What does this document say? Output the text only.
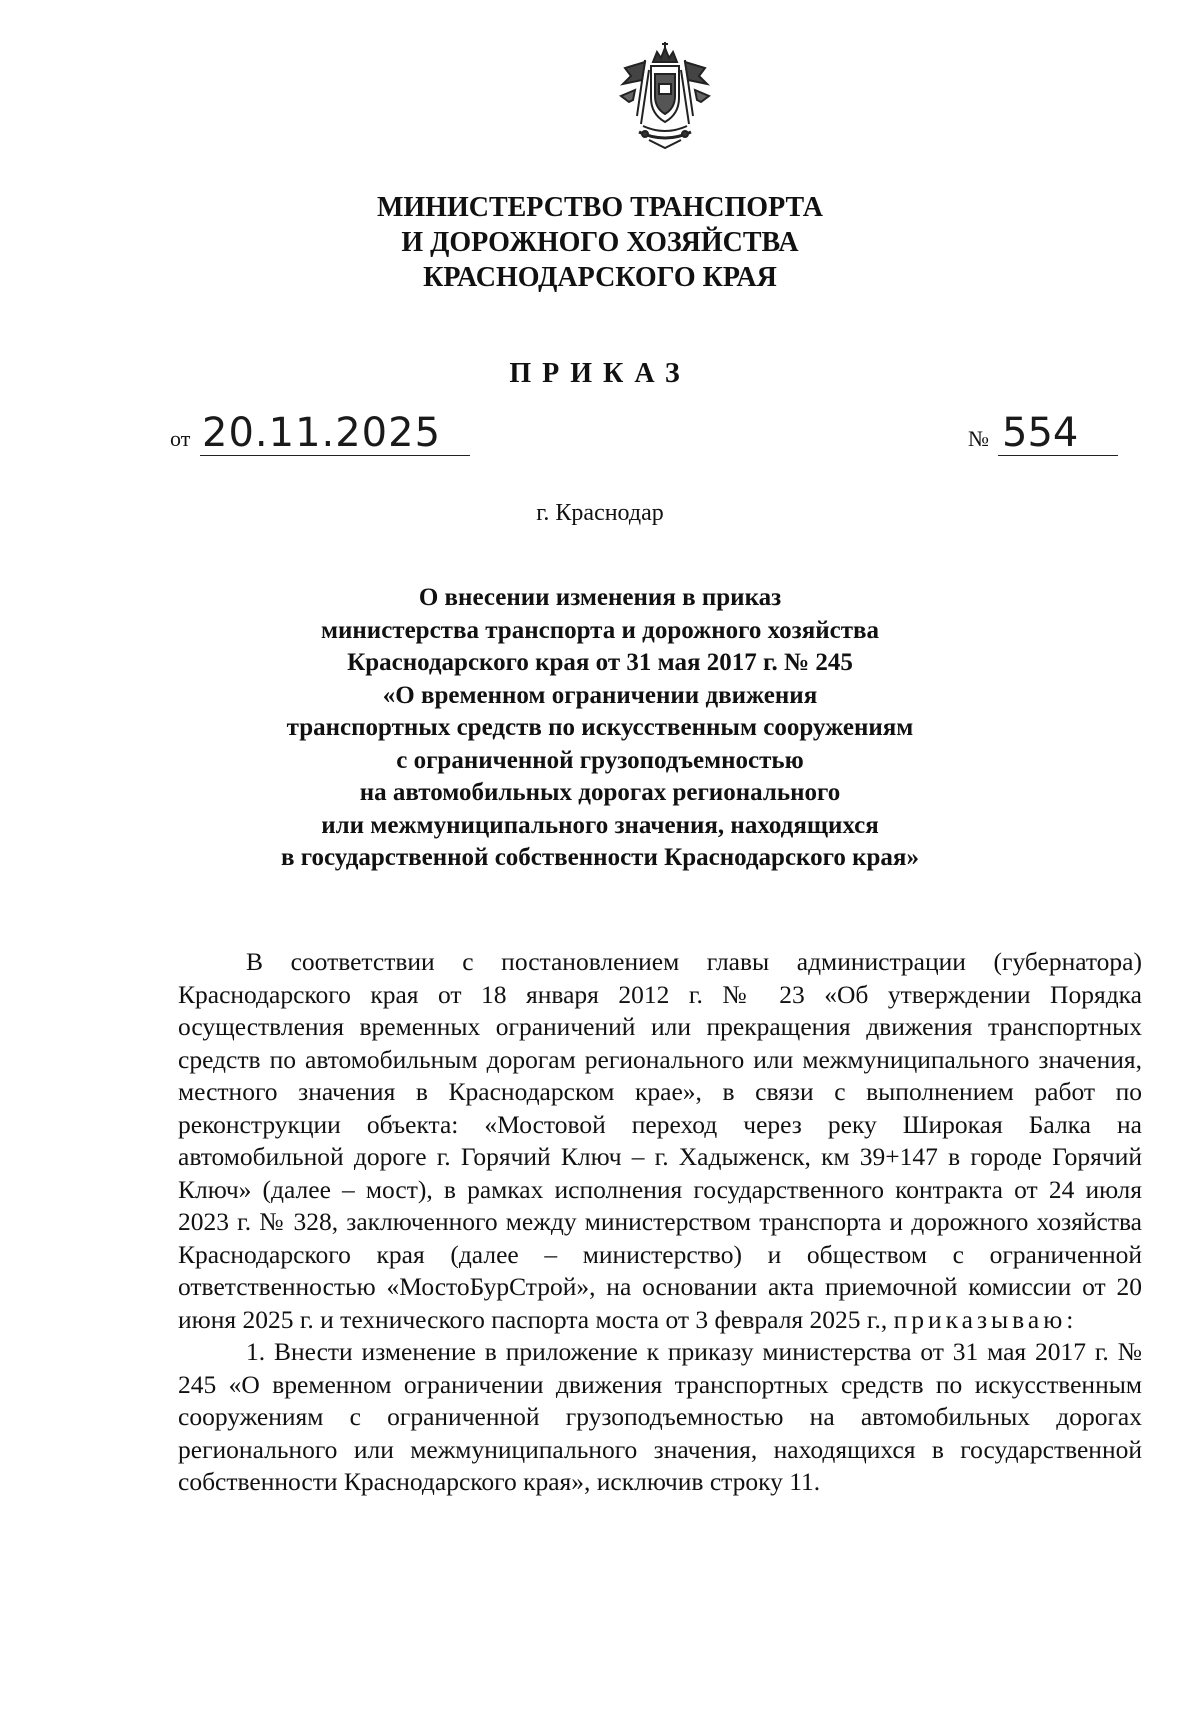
МИНИСТЕРСТВО ТРАНСПОРТА
И ДОРОЖНОГО ХОЗЯЙСТВА
КРАСНОДАРСКОГО КРАЯ
ПРИКАЗ
от 20.11.2025	№ 554
г. Краснодар
О внесении изменения в приказ
министерства транспорта и дорожного хозяйства
Краснодарского края от 31 мая 2017 г. № 245
«О временном ограничении движения
транспортных средств по искусственным сооружениям
с ограниченной грузоподъемностью
на автомобильных дорогах регионального
или межмуниципального значения, находящихся
в государственной собственности Краснодарского края»

В соответствии с постановлением главы администрации (губернатора) Краснодарского края от 18 января 2012 г. № 23 «Об утверждении Порядка осуществления временных ограничений или прекращения движения транспортных средств по автомобильным дорогам регионального или межмуниципального значения, местного значения в Краснодарском крае», в связи с выполнением работ по реконструкции объекта: «Мостовой переход через реку Широкая Балка на автомобильной дороге г. Горячий Ключ – г. Хадыженск, км 39+147 в городе Горячий Ключ» (далее – мост), в рамках исполнения государственного контракта от 24 июля 2023 г. № 328, заключенного между министерством транспорта и дорожного хозяйства Краснодарского края (далее – министерство) и обществом с ограниченной ответственностью «МостоБурСтрой», на основании акта приемочной комиссии от 20 июня 2025 г. и технического паспорта моста от 3 февраля 2025 г., приказываю:

1. Внести изменение в приложение к приказу министерства от 31 мая 2017 г. № 245 «О временном ограничении движения транспортных средств по искусственным сооружениям с ограниченной грузоподъемностью на автомобильных дорогах регионального или межмуниципального значения, находящихся в государственной собственности Краснодарского края», исключив строку 11.
